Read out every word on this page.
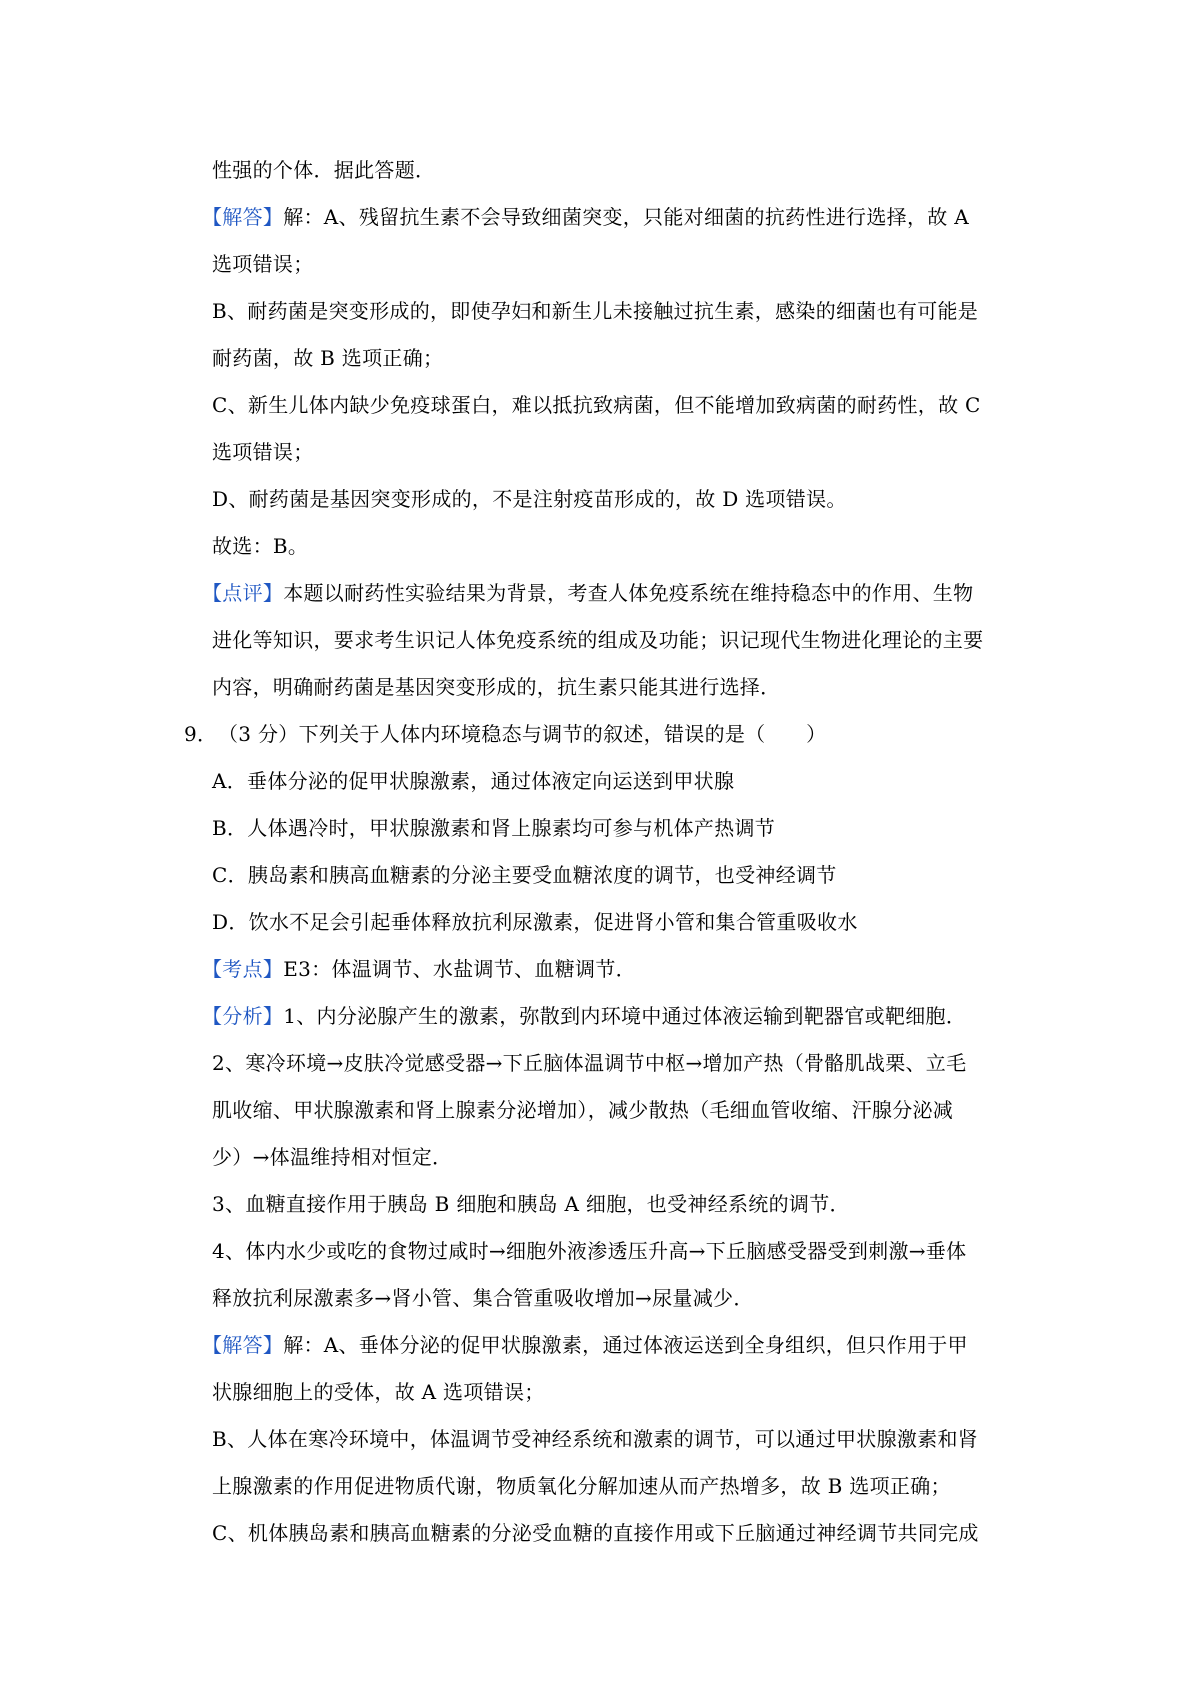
性强的个体．据此答题．
【解答】解：A、残留抗生素不会导致细菌突变，只能对细菌的抗药性进行选择，故 A
选项错误；
B、耐药菌是突变形成的，即使孕妇和新生儿未接触过抗生素，感染的细菌也有可能是
耐药菌，故 B 选项正确；
C、新生儿体内缺少免疫球蛋白，难以抵抗致病菌，但不能增加致病菌的耐药性，故 C
选项错误；
D、耐药菌是基因突变形成的，不是注射疫苗形成的，故 D 选项错误。
故选：B。
【点评】本题以耐药性实验结果为背景，考查人体免疫系统在维持稳态中的作用、生物
进化等知识，要求考生识记人体免疫系统的组成及功能；识记现代生物进化理论的主要
内容，明确耐药菌是基因突变形成的，抗生素只能其进行选择．
9． （3 分）下列关于人体内环境稳态与调节的叙述，错误的是（　　）
A．垂体分泌的促甲状腺激素，通过体液定向运送到甲状腺
B．人体遇冷时，甲状腺激素和肾上腺素均可参与机体产热调节
C．胰岛素和胰高血糖素的分泌主要受血糖浓度的调节，也受神经调节
D．饮水不足会引起垂体释放抗利尿激素，促进肾小管和集合管重吸收水
【考点】E3：体温调节、水盐调节、血糖调节．
【分析】1、内分泌腺产生的激素，弥散到内环境中通过体液运输到靶器官或靶细胞．
2、寒冷环境→皮肤冷觉感受器→下丘脑体温调节中枢→增加产热（骨骼肌战栗、立毛
肌收缩、甲状腺激素和肾上腺素分泌增加），减少散热（毛细血管收缩、汗腺分泌减
少）→体温维持相对恒定．
3、血糖直接作用于胰岛 B 细胞和胰岛 A 细胞，也受神经系统的调节．
4、体内水少或吃的食物过咸时→细胞外液渗透压升高→下丘脑感受器受到刺激→垂体
释放抗利尿激素多→肾小管、集合管重吸收增加→尿量减少．
【解答】解：A、垂体分泌的促甲状腺激素，通过体液运送到全身组织，但只作用于甲
状腺细胞上的受体，故 A 选项错误；
B、人体在寒冷环境中，体温调节受神经系统和激素的调节，可以通过甲状腺激素和肾
上腺激素的作用促进物质代谢，物质氧化分解加速从而产热增多，故 B 选项正确；
C、机体胰岛素和胰高血糖素的分泌受血糖的直接作用或下丘脑通过神经调节共同完成
